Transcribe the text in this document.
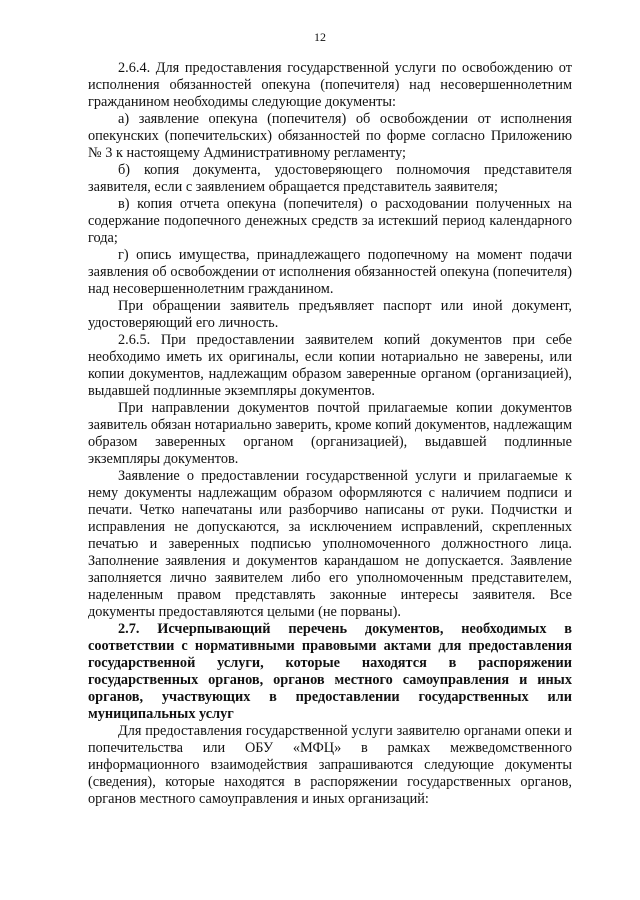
12

2.6.4. Для предоставления государственной услуги по освобождению от исполнения обязанностей опекуна (попечителя) над несовершеннолетним гражданином необходимы следующие документы:

а) заявление опекуна (попечителя) об освобождении от исполнения опекунских (попечительских) обязанностей по форме согласно Приложению № 3 к настоящему Административному регламенту;

б) копия документа, удостоверяющего полномочия представителя заявителя, если с заявлением обращается представитель заявителя;

в) копия отчета опекуна (попечителя) о расходовании полученных на содержание подопечного денежных средств за истекший период календарного года;

г) опись имущества, принадлежащего подопечному на момент подачи заявления об освобождении от исполнения обязанностей опекуна (попечителя) над несовершеннолетним гражданином.

При обращении заявитель предъявляет паспорт или иной документ, удостоверяющий его личность.

2.6.5. При предоставлении заявителем копий документов при себе необходимо иметь их оригиналы, если копии нотариально не заверены, или копии документов, надлежащим образом заверенные органом (организацией), выдавшей подлинные экземпляры документов.

При направлении документов почтой прилагаемые копии документов заявитель обязан нотариально заверить, кроме копий документов, надлежащим образом заверенных органом (организацией), выдавшей подлинные экземпляры документов.

Заявление о предоставлении государственной услуги и прилагаемые к нему документы надлежащим образом оформляются с наличием подписи и печати. Четко напечатаны или разборчиво написаны от руки. Подчистки и исправления не допускаются, за исключением исправлений, скрепленных печатью и заверенных подписью уполномоченного должностного лица. Заполнение заявления и документов карандашом не допускается. Заявление заполняется лично заявителем либо его уполномоченным представителем, наделенным правом представлять законные интересы заявителя. Все документы предоставляются целыми (не порваны).

2.7. Исчерпывающий перечень документов, необходимых в соответствии с нормативными правовыми актами для предоставления государственной услуги, которые находятся в распоряжении государственных органов, органов местного самоуправления и иных органов, участвующих в предоставлении государственных или муниципальных услуг

Для предоставления государственной услуги заявителю органами опеки и попечительства или ОБУ «МФЦ» в рамках межведомственного информационного взаимодействия запрашиваются следующие документы (сведения), которые находятся в распоряжении государственных органов, органов местного самоуправления и иных организаций:
